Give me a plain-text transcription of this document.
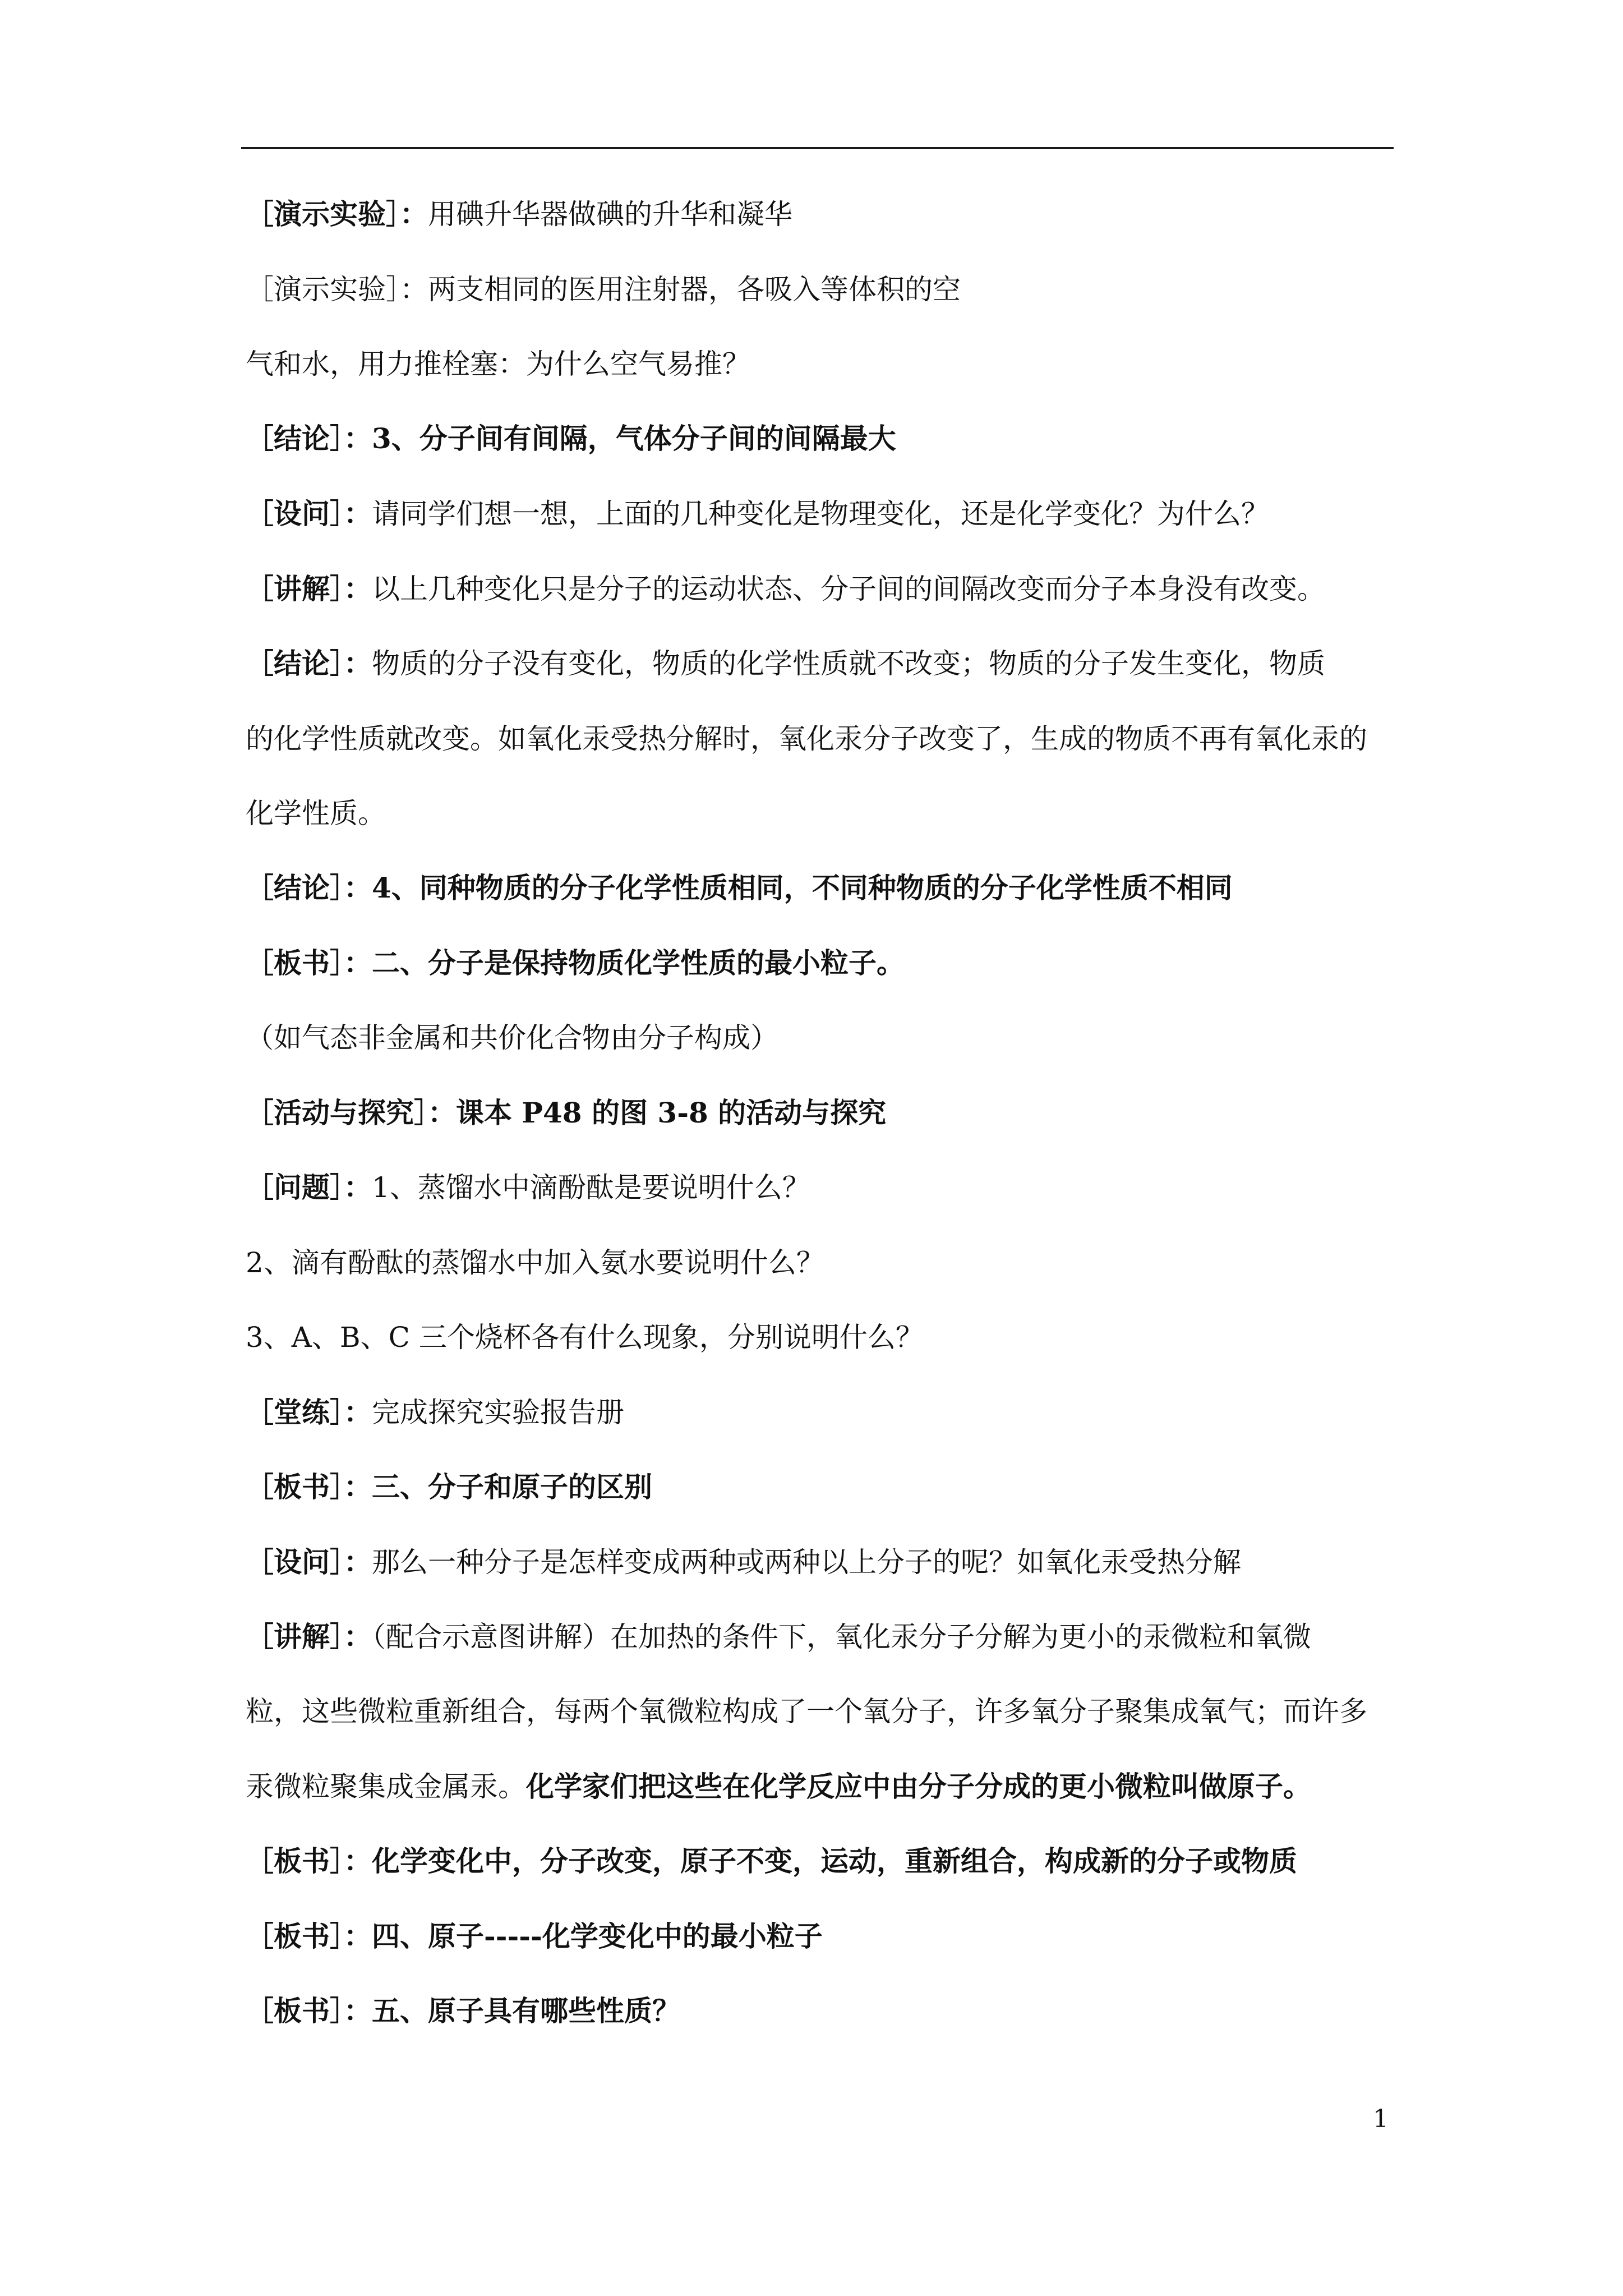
［演示实验］：用碘升华器做碘的升华和凝华
［演示实验］：两支相同的医用注射器，各吸入等体积的空
气和水，用力推栓塞：为什么空气易推？
［结论］：3、分子间有间隔，气体分子间的间隔最大
［设问］：请同学们想一想，上面的几种变化是物理变化，还是化学变化？为什么？
［讲解］：以上几种变化只是分子的运动状态、分子间的间隔改变而分子本身没有改变。
［结论］：物质的分子没有变化，物质的化学性质就不改变；物质的分子发生变化，物质
的化学性质就改变。如氧化汞受热分解时，氧化汞分子改变了，生成的物质不再有氧化汞的
化学性质。
［结论］：4、同种物质的分子化学性质相同，不同种物质的分子化学性质不相同
［板书］：二、分子是保持物质化学性质的最小粒子。
（如气态非金属和共价化合物由分子构成）
［活动与探究］：课本 P48 的图 3-8 的活动与探究
［问题］：1、蒸馏水中滴酚酞是要说明什么？
2、滴有酚酞的蒸馏水中加入氨水要说明什么？
3、A、B、C 三个烧杯各有什么现象，分别说明什么？
［堂练］：完成探究实验报告册
［板书］：三、分子和原子的区别
［设问］：那么一种分子是怎样变成两种或两种以上分子的呢？如氧化汞受热分解
［讲解］：（配合示意图讲解）在加热的条件下，氧化汞分子分解为更小的汞微粒和氧微
粒，这些微粒重新组合，每两个氧微粒构成了一个氧分子，许多氧分子聚集成氧气；而许多
汞微粒聚集成金属汞。化学家们把这些在化学反应中由分子分成的更小微粒叫做原子。
［板书］：化学变化中，分子改变，原子不变，运动，重新组合，构成新的分子或物质
［板书］：四、原子-----化学变化中的最小粒子
［板书］：五、原子具有哪些性质？
1
